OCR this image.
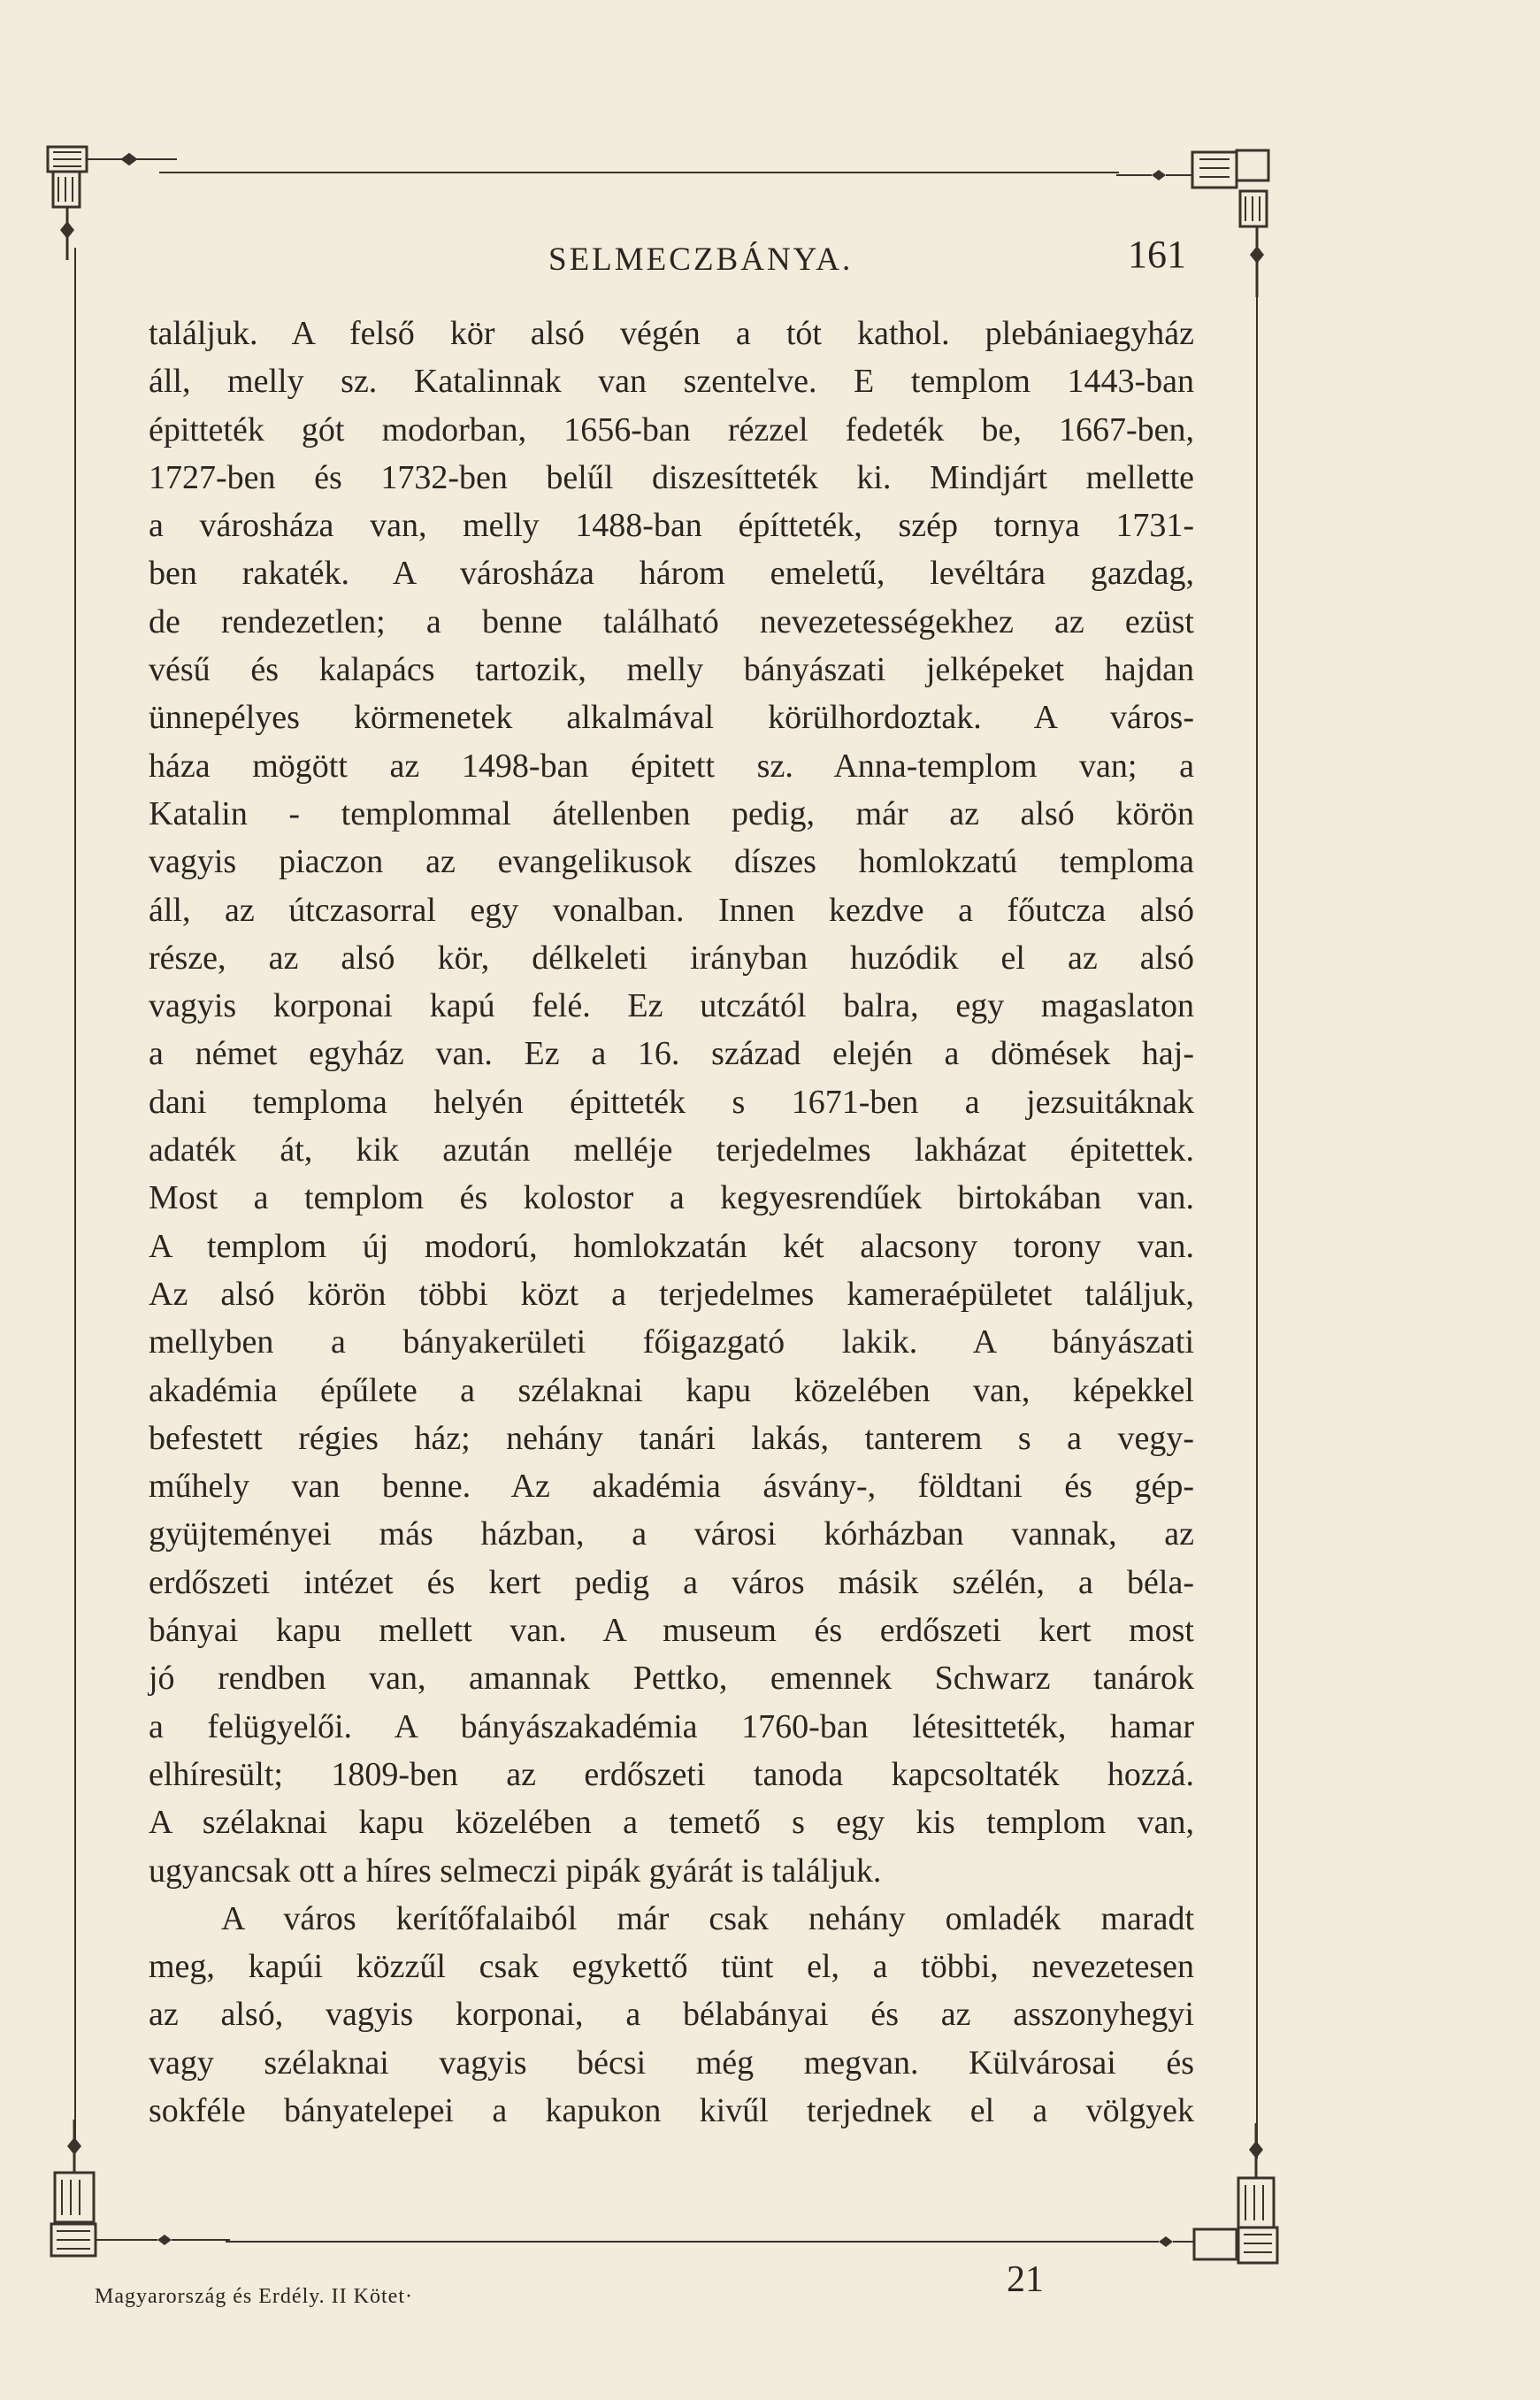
SELMECZBÁNYA.	161
találjuk. A felső kör alsó végén a tót kathol. plebániaegyház
áll, melly sz. Katalinnak van szentelve. E templom 1443-ban
épitteték gót modorban, 1656-ban rézzel fedeték be, 1667-ben,
1727-ben és 1732-ben belűl diszesítteték ki. Mindjárt mellette
a városháza van, melly 1488-ban építteték, szép tornya 1731-
ben rakaték. A városháza három emeletű, levéltára gazdag,
de rendezetlen; a benne található nevezetességekhez az ezüst
vésű és kalapács tartozik, melly bányászati jelképeket hajdan
ünnepélyes körmenetek alkalmával körülhordoztak. A város-
háza mögött az 1498-ban épitett sz. Anna-templom van; a
Katalin - templommal átellenben pedig, már az alsó körön
vagyis piaczon az evangelikusok díszes homlokzatú temploma
áll, az útczasorral egy vonalban. Innen kezdve a főutcza alsó
része, az alsó kör, délkeleti irányban huzódik el az alsó
vagyis korponai kapú felé. Ez utczától balra, egy magaslaton
a német egyház van. Ez a 16. század elején a dömések haj-
dani temploma helyén épitteték s 1671-ben a jezsuitáknak
adaték át, kik azután melléje terjedelmes lakházat épitettek.
Most a templom és kolostor a kegyesrendűek birtokában van.
A templom új modorú, homlokzatán két alacsony torony van.
Az alsó körön többi közt a terjedelmes kameraépületet találjuk,
mellyben a bányakerületi főigazgató lakik. A bányászati
akadémia épűlete a szélaknai kapu közelében van, képekkel
befestett régies ház; nehány tanári lakás, tanterem s a vegy-
műhely van benne. Az akadémia ásvány-, földtani és gép-
gyüjteményei más házban, a városi kórházban vannak, az
erdőszeti intézet és kert pedig a város másik szélén, a béla-
bányai kapu mellett van. A museum és erdőszeti kert most
jó rendben van, amannak Pettko, emennek Schwarz tanárok
a felügyelői. A bányászakadémia 1760-ban létesitteték, hamar
elhíresült; 1809-ben az erdőszeti tanoda kapcsoltaték hozzá.
A szélaknai kapu közelében a temető s egy kis templom van,
ugyancsak ott a híres selmeczi pipák gyárát is találjuk.
A város kerítőfalaiból már csak nehány omladék maradt
meg, kapúi közzűl csak egykettő tünt el, a többi, nevezetesen
az alsó, vagyis korponai, a bélabányai és az asszonyhegyi
vagy szélaknai vagyis bécsi még megvan. Külvárosai és
sokféle bányatelepei a kapukon kivűl terjednek el a völgyek
Magyarország és Erdély. II Kötet·	21
